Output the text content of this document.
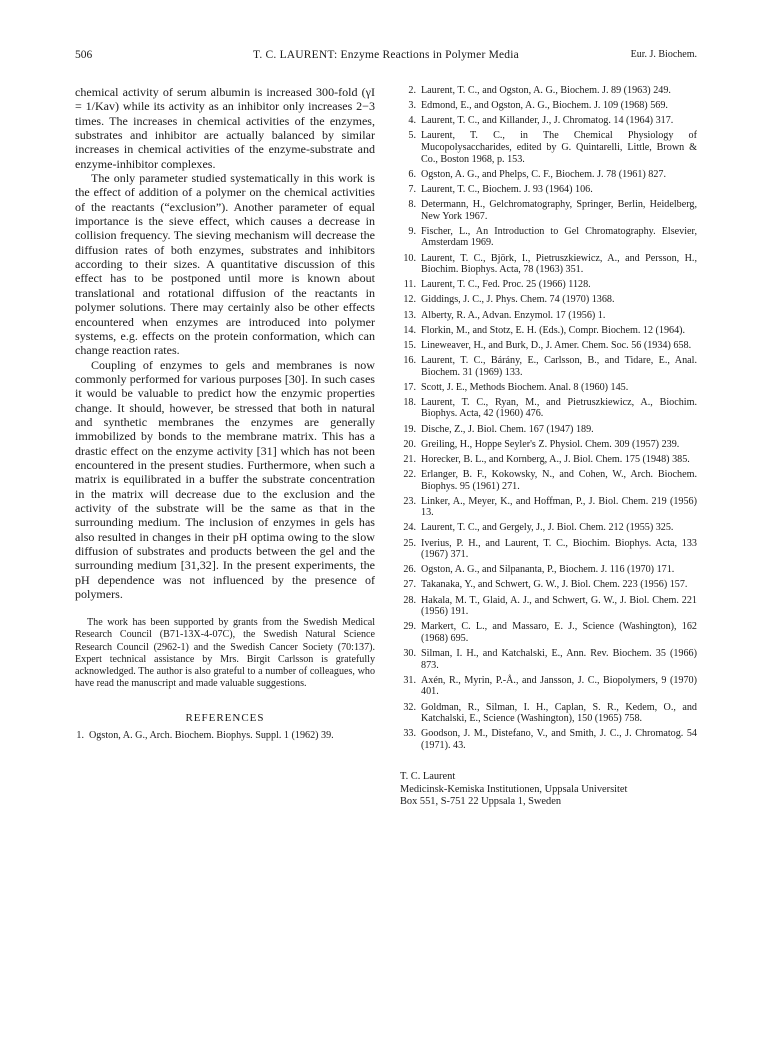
T. C. LAURENT: Enzyme Reactions in Polymer Media
506	Eur. J. Biochem.

chemical activity of serum albumin is increased 300-fold (γI = 1/Kav) while its activity as an inhibitor only increases 2−3 times. The increases in chemical activities of the enzymes, substrates and inhibitor are actually balanced by similar increases in chemical activities of the enzyme-substrate and enzyme-inhibitor complexes.

The only parameter studied systematically in this work is the effect of addition of a polymer on the chemical activities of the reactants (“exclusion”). Another parameter of equal importance is the sieve effect, which causes a decrease in collision frequency. The sieving mechanism will decrease the diffusion rates of both enzymes, substrates and inhibitors according to their sizes. A quantitative discussion of this effect has to be postponed until more is known about translational and rotational diffusion of the reactants in polymer solutions. There may certainly also be other effects encountered when enzymes are introduced into polymer systems, e.g. effects on the protein conformation, which can change reaction rates.

Coupling of enzymes to gels and membranes is now commonly performed for various purposes [30]. In such cases it would be valuable to predict how the enzymic properties change. It should, however, be stressed that both in natural and synthetic membranes the enzymes are generally immobilized by bonds to the membrane matrix. This has a drastic effect on the enzyme activity [31] which has not been encountered in the present studies. Furthermore, when such a matrix is equilibrated in a buffer the substrate concentration in the matrix will decrease due to the exclusion and the activity of the substrate will be the same as that in the surrounding medium. The inclusion of enzymes in gels has also resulted in changes in their pH optima owing to the slow diffusion of substrates and products between the gel and the surrounding medium [31,32]. In the present experiments, the pH dependence was not influenced by the presence of polymers.

The work has been supported by grants from the Swedish Medical Research Council (B71-13X-4-07C), the Swedish Natural Science Research Council (2962-1) and the Swedish Cancer Society (70:137). Expert technical assistance by Mrs. Birgit Carlsson is gratefully acknowledged. The author is also grateful to a number of colleagues, who have read the manuscript and made valuable suggestions.

REFERENCES
1. Ogston, A. G., Arch. Biochem. Biophys. Suppl. 1 (1962) 39.
2. Laurent, T. C., and Ogston, A. G., Biochem. J. 89 (1963) 249.
3. Edmond, E., and Ogston, A. G., Biochem. J. 109 (1968) 569.
4. Laurent, T. C., and Killander, J., J. Chromatog. 14 (1964) 317.
5. Laurent, T. C., in The Chemical Physiology of Mucopolysaccharides, edited by G. Quintarelli, Little, Brown & Co., Boston 1968, p. 153.
6. Ogston, A. G., and Phelps, C. F., Biochem. J. 78 (1961) 827.
7. Laurent, T. C., Biochem. J. 93 (1964) 106.
8. Determann, H., Gelchromatography, Springer, Berlin, Heidelberg, New York 1967.
9. Fischer, L., An Introduction to Gel Chromatography. Elsevier, Amsterdam 1969.
10. Laurent, T. C., Björk, I., Pietruszkiewicz, A., and Persson, H., Biochim. Biophys. Acta, 78 (1963) 351.
11. Laurent, T. C., Fed. Proc. 25 (1966) 1128.
12. Giddings, J. C., J. Phys. Chem. 74 (1970) 1368.
13. Alberty, R. A., Advan. Enzymol. 17 (1956) 1.
14. Florkin, M., and Stotz, E. H. (Eds.), Compr. Biochem. 12 (1964).
15. Lineweaver, H., and Burk, D., J. Amer. Chem. Soc. 56 (1934) 658.
16. Laurent, T. C., Bárány, E., Carlsson, B., and Tidare, E., Anal. Biochem. 31 (1969) 133.
17. Scott, J. E., Methods Biochem. Anal. 8 (1960) 145.
18. Laurent, T. C., Ryan, M., and Pietruszkiewicz, A., Biochim. Biophys. Acta, 42 (1960) 476.
19. Dische, Z., J. Biol. Chem. 167 (1947) 189.
20. Greiling, H., Hoppe Seyler's Z. Physiol. Chem. 309 (1957) 239.
21. Horecker, B. L., and Kornberg, A., J. Biol. Chem. 175 (1948) 385.
22. Erlanger, B. F., Kokowsky, N., and Cohen, W., Arch. Biochem. Biophys. 95 (1961) 271.
23. Linker, A., Meyer, K., and Hoffman, P., J. Biol. Chem. 219 (1956) 13.
24. Laurent, T. C., and Gergely, J., J. Biol. Chem. 212 (1955) 325.
25. Iverius, P. H., and Laurent, T. C., Biochim. Biophys. Acta, 133 (1967) 371.
26. Ogston, A. G., and Silpananta, P., Biochem. J. 116 (1970) 171.
27. Takanaka, Y., and Schwert, G. W., J. Biol. Chem. 223 (1956) 157.
28. Hakala, M. T., Glaid, A. J., and Schwert, G. W., J. Biol. Chem. 221 (1956) 191.
29. Markert, C. L., and Massaro, E. J., Science (Washington), 162 (1968) 695.
30. Silman, I. H., and Katchalski, E., Ann. Rev. Biochem. 35 (1966) 873.
31. Axén, R., Myrin, P.-Å., and Jansson, J. C., Biopolymers, 9 (1970) 401.
32. Goldman, R., Silman, I. H., Caplan, S. R., Kedem, O., and Katchalski, E., Science (Washington), 150 (1965) 758.
33. Goodson, J. M., Distefano, V., and Smith, J. C., J. Chromatog. 54 (1971). 43.
T. C. Laurent
Medicinsk-Kemiska Institutionen, Uppsala Universitet
Box 551, S-751 22 Uppsala 1, Sweden
